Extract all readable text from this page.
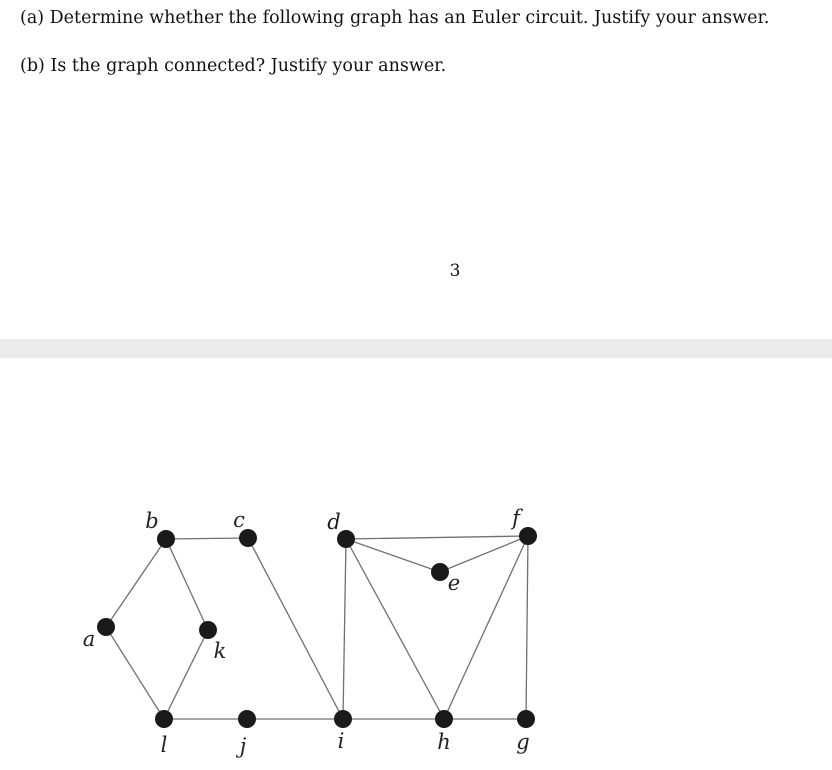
(a) Determine whether the following graph has an Euler circuit. Justify your answer.

(b) Is the graph connected? Justify your answer.

3
a
b	c	d
e
f
g
h
i
j
k
l
